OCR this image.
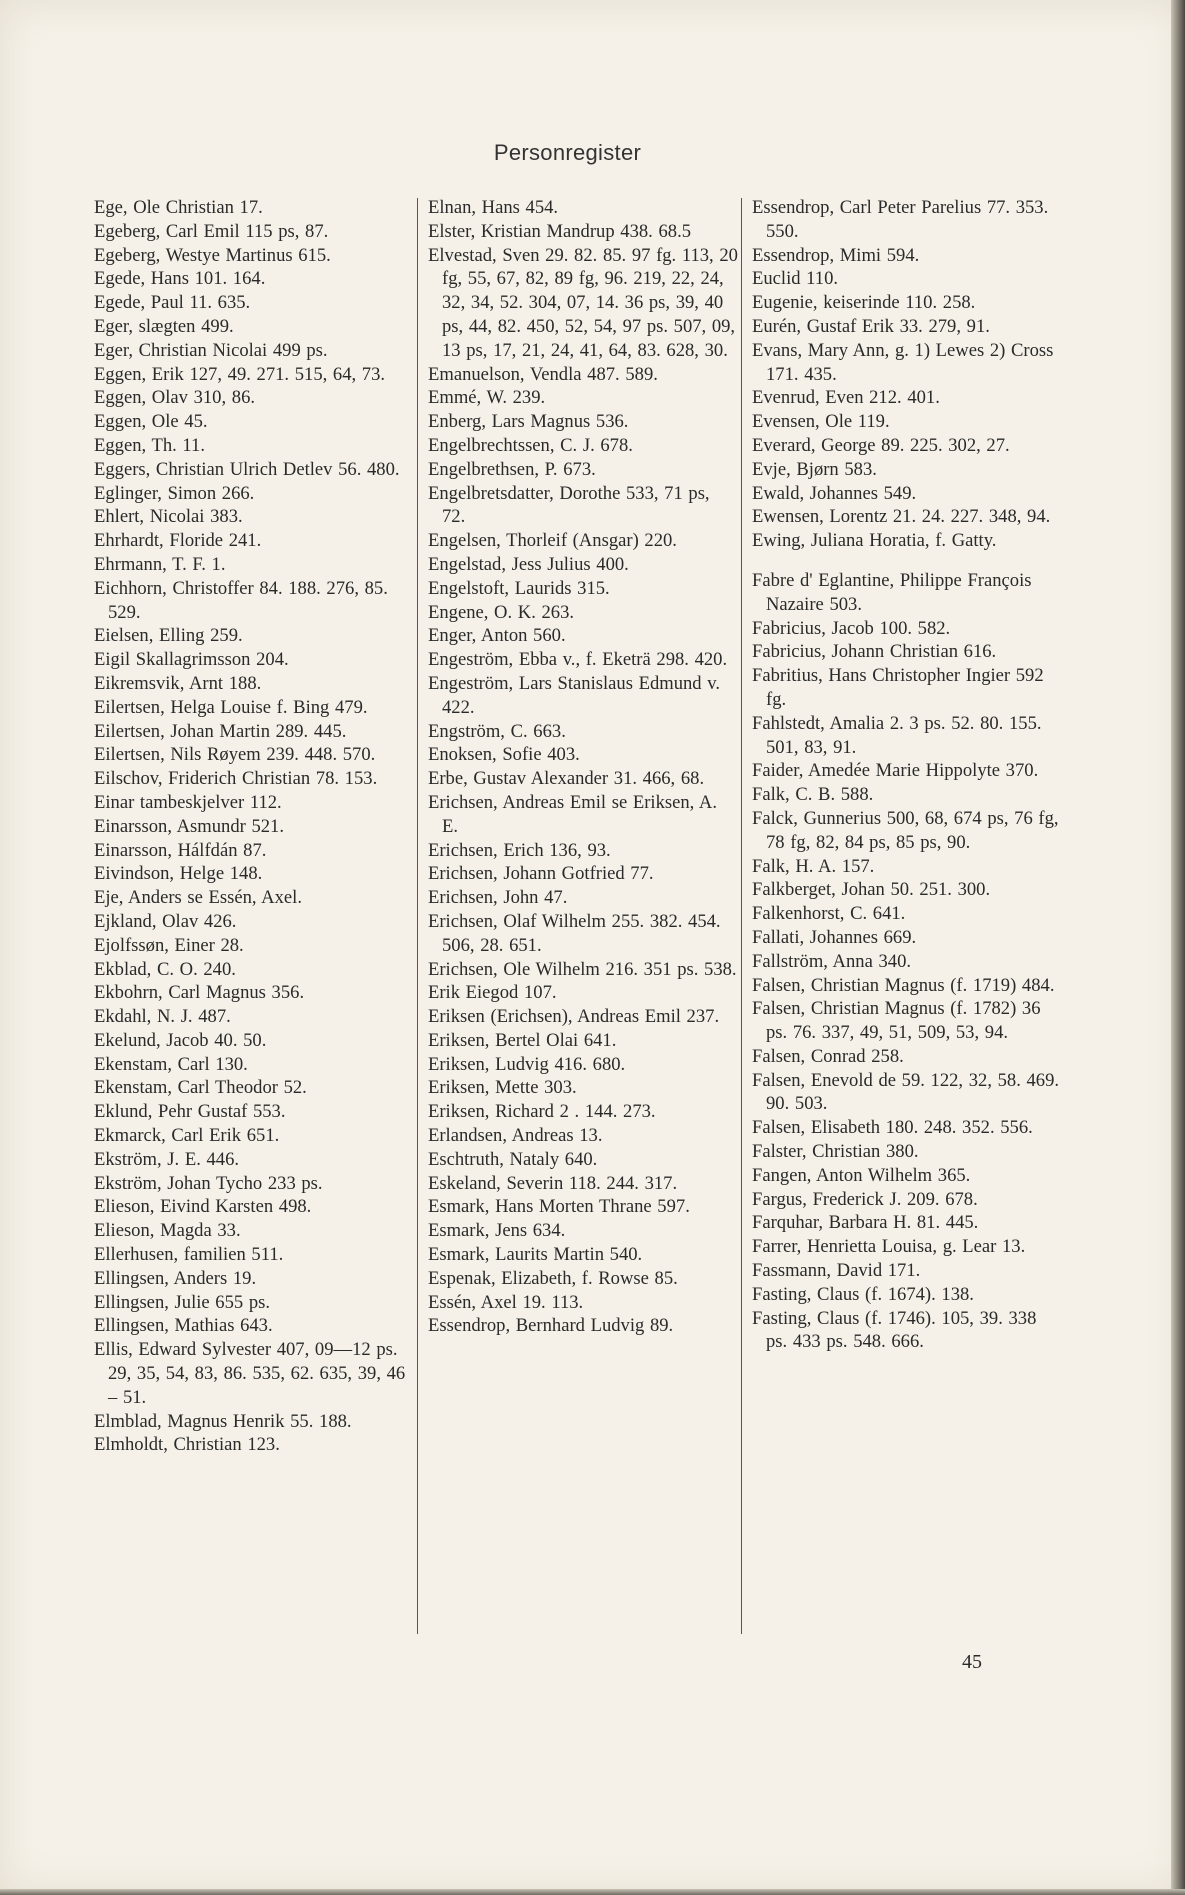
Personregister
Ege, Ole Christian 17.
Egeberg, Carl Emil 115 ps, 87.
Egeberg, Westye Martinus 615.
Egede, Hans 101. 164.
Egede, Paul 11. 635.
Eger, slægten 499.
Eger, Christian Nicolai 499 ps.
Eggen, Erik 127, 49. 271. 515, 64, 73.
Eggen, Olav 310, 86.
Eggen, Ole 45.
Eggen, Th. 11.
Eggers, Christian Ulrich Detlev 56. 480.
Eglinger, Simon 266.
Ehlert, Nicolai 383.
Ehrhardt, Floride 241.
Ehrmann, T. F. 1.
Eichhorn, Christoffer 84. 188. 276, 85. 529.
Eielsen, Elling 259.
Eigil Skallagrimsson 204.
Eikremsvik, Arnt 188.
Eilertsen, Helga Louise f. Bing 479.
Eilertsen, Johan Martin 289. 445.
Eilertsen, Nils Røyem 239. 448. 570.
Eilschov, Friderich Christian 78. 153.
Einar tambeskjelver 112.
Einarsson, Asmundr 521.
Einarsson, Hálfdán 87.
Eivindson, Helge 148.
Eje, Anders se Essén, Axel.
Ejkland, Olav 426.
Ejolfssøn, Einer 28.
Ekblad, C. O. 240.
Ekbohrn, Carl Magnus 356.
Ekdahl, N. J. 487.
Ekelund, Jacob 40. 50.
Ekenstam, Carl 130.
Ekenstam, Carl Theodor 52.
Eklund, Pehr Gustaf 553.
Ekmarck, Carl Erik 651.
Ekström, J. E. 446.
Ekström, Johan Tycho 233 ps.
Elieson, Eivind Karsten 498.
Elieson, Magda 33.
Ellerhusen, familien 511.
Ellingsen, Anders 19.
Ellingsen, Julie 655 ps.
Ellingsen, Mathias 643.
Ellis, Edward Sylvester 407, 09—12 ps. 29, 35, 54, 83, 86. 535, 62. 635, 39, 46 – 51.
Elmblad, Magnus Henrik 55. 188.
Elmholdt, Christian 123.
Elnan, Hans 454.
Elster, Kristian Mandrup 438. 68.5
Elvestad, Sven 29. 82. 85. 97 fg. 113, 20 fg, 55, 67, 82, 89 fg, 96. 219, 22, 24, 32, 34, 52. 304, 07, 14. 36 ps, 39, 40 ps, 44, 82. 450, 52, 54, 97 ps. 507, 09, 13 ps, 17, 21, 24, 41, 64, 83. 628, 30.
Emanuelson, Vendla 487. 589.
Emmé, W. 239.
Enberg, Lars Magnus 536.
Engelbrechtssen, C. J. 678.
Engelbrethsen, P. 673.
Engelbretsdatter, Dorothe 533, 71 ps, 72.
Engelsen, Thorleif (Ansgar) 220.
Engelstad, Jess Julius 400.
Engelstoft, Laurids 315.
Engene, O. K. 263.
Enger, Anton 560.
Engeström, Ebba v., f. Eketrä 298. 420.
Engeström, Lars Stanislaus Edmund v. 422.
Engström, C. 663.
Enoksen, Sofie 403.
Erbe, Gustav Alexander 31. 466, 68.
Erichsen, Andreas Emil se Eriksen, A. E.
Erichsen, Erich 136, 93.
Erichsen, Johann Gotfried 77.
Erichsen, John 47.
Erichsen, Olaf Wilhelm 255. 382. 454. 506, 28. 651.
Erichsen, Ole Wilhelm 216. 351 ps. 538.
Erik Eiegod 107.
Eriksen (Erichsen), Andreas Emil 237.
Eriksen, Bertel Olai 641.
Eriksen, Ludvig 416. 680.
Eriksen, Mette 303.
Eriksen, Richard 2 . 144. 273.
Erlandsen, Andreas 13.
Eschtruth, Nataly 640.
Eskeland, Severin 118. 244. 317.
Esmark, Hans Morten Thrane 597.
Esmark, Jens 634.
Esmark, Laurits Martin 540.
Espenak, Elizabeth, f. Rowse 85.
Essén, Axel 19. 113.
Essendrop, Bernhard Ludvig 89.
Essendrop, Carl Peter Parelius 77. 353. 550.
Essendrop, Mimi 594.
Euclid 110.
Eugenie, keiserinde 110. 258.
Eurén, Gustaf Erik 33. 279, 91.
Evans, Mary Ann, g. 1) Lewes 2) Cross 171. 435.
Evenrud, Even 212. 401.
Evensen, Ole 119.
Everard, George 89. 225. 302, 27.
Evje, Bjørn 583.
Ewald, Johannes 549.
Ewensen, Lorentz 21. 24. 227. 348, 94.
Ewing, Juliana Horatia, f. Gatty.
Fabre d' Eglantine, Philippe François Nazaire 503.
Fabricius, Jacob 100. 582.
Fabricius, Johann Christian 616.
Fabritius, Hans Christopher Ingier 592 fg.
Fahlstedt, Amalia 2. 3 ps. 52. 80. 155. 501, 83, 91.
Faider, Amedée Marie Hippolyte 370.
Falk, C. B. 588.
Falck, Gunnerius 500, 68, 674 ps, 76 fg, 78 fg, 82, 84 ps, 85 ps, 90.
Falk, H. A. 157.
Falkberget, Johan 50. 251. 300.
Falkenhorst, C. 641.
Fallati, Johannes 669.
Fallström, Anna 340.
Falsen, Christian Magnus (f. 1719) 484.
Falsen, Christian Magnus (f. 1782) 36 ps. 76. 337, 49, 51, 509, 53, 94.
Falsen, Conrad 258.
Falsen, Enevold de 59. 122, 32, 58. 469. 90. 503.
Falsen, Elisabeth 180. 248. 352. 556.
Falster, Christian 380.
Fangen, Anton Wilhelm 365.
Fargus, Frederick J. 209. 678.
Farquhar, Barbara H. 81. 445.
Farrer, Henrietta Louisa, g. Lear 13.
Fassmann, David 171.
Fasting, Claus (f. 1674). 138.
Fasting, Claus (f. 1746). 105, 39. 338 ps. 433 ps. 548. 666.
45
